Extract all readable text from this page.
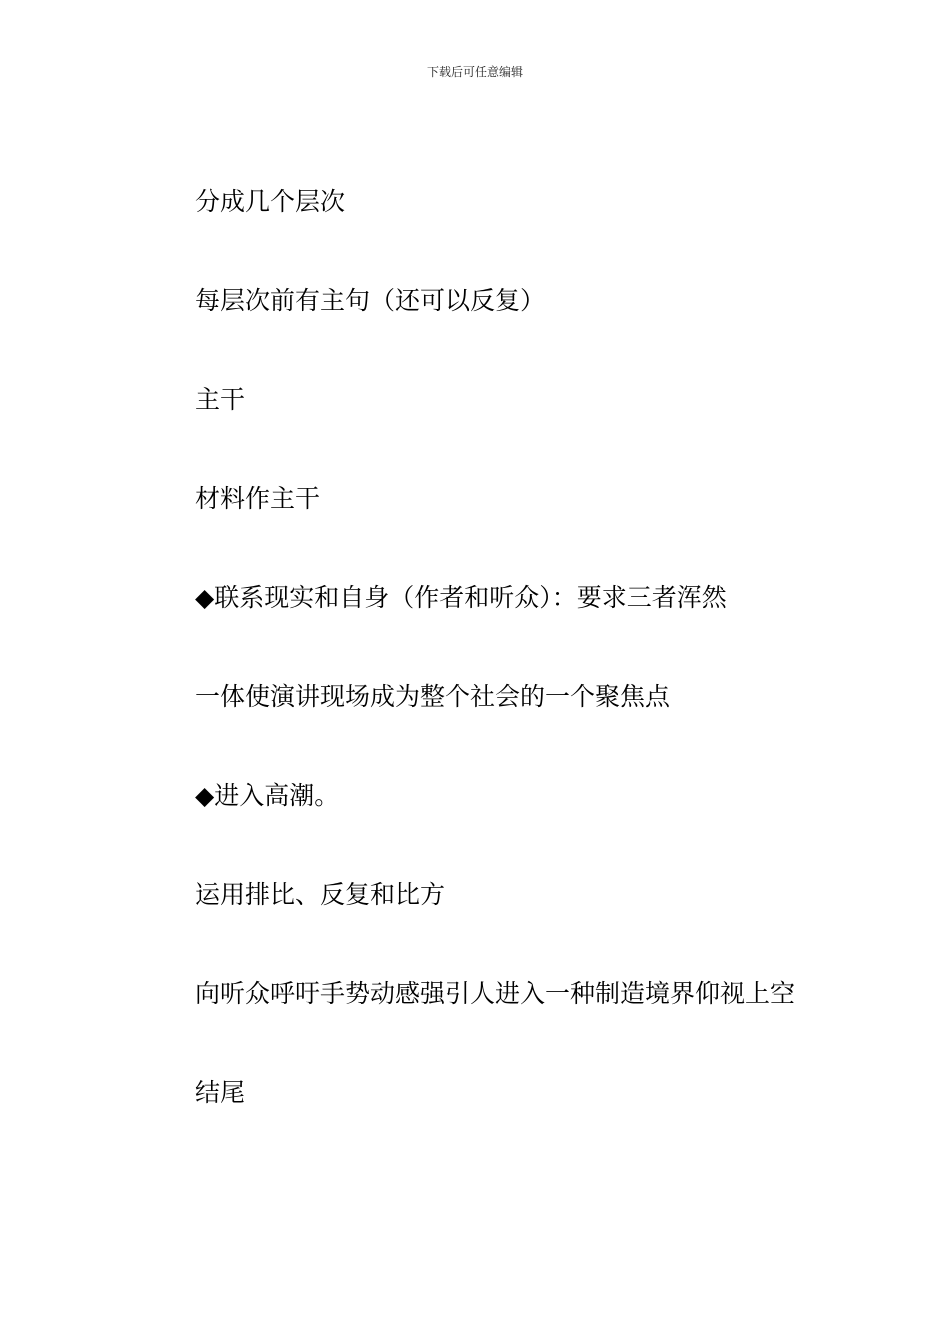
下载后可任意编辑

分成几个层次

每层次前有主句（还可以反复）

主干

材料作主干

◆联系现实和自身（作者和听众）：要求三者浑然

一体使演讲现场成为整个社会的一个聚焦点

◆进入高潮。

运用排比、反复和比方

向听众呼吁手势动感强引人进入一种制造境界仰视上空

结尾
